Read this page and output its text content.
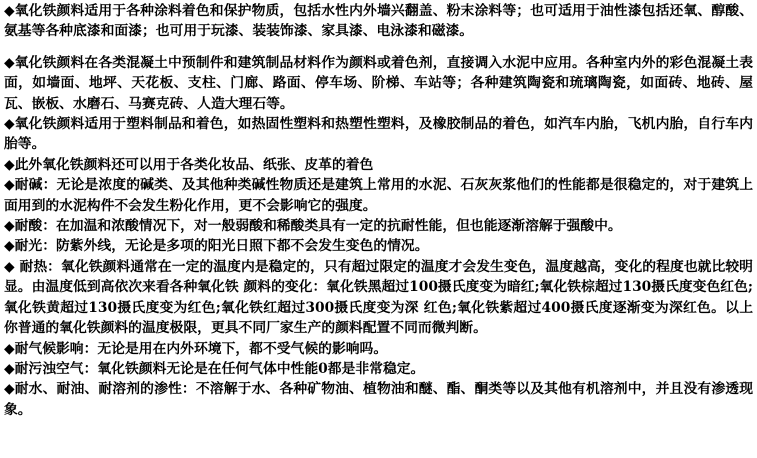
◆氧化铁颜料适用于各种涂料着色和保护物质，包括水性内外墙兴翻盖、粉末涂料等；也可适用于油性漆包括还氧、醇酸、氨基等各种底漆和面漆；也可用于玩漆、装装饰漆、家具漆、电泳漆和磁漆。

◆氧化铁颜料在各类混凝土中预制件和建筑制品材料作为颜料或着色剂，直接调入水泥中应用。各种室内外的彩色混凝土表面，如墙面、地坪、天花板、支柱、门廊、路面、停车场、阶梯、车站等；各种建筑陶瓷和琉璃陶瓷，如面砖、地砖、屋瓦、嵌板、水磨石、马赛克砖、人造大理石等。

◆氧化铁颜料适用于塑料制品和着色，如热固性塑料和热塑性塑料，及橡胶制品的着色，如汽车内胎，飞机内胎，自行车内胎等。

◆此外氧化铁颜料还可以用于各类化妆品、纸张、皮革的着色

◆耐碱：无论是浓度的碱类、及其他种类碱性物质还是建筑上常用的水泥、石灰灰浆他们的性能都是很稳定的，对于建筑上面用到的水泥构件不会发生粉化作用，更不会影响它的强度。

◆耐酸：在加温和浓酸情况下，对一般弱酸和稀酸类具有一定的抗耐性能，但也能逐渐溶解于强酸中。

◆耐光：防紫外线，无论是多项的阳光日照下都不会发生变色的情况。

◆ 耐热：氧化铁颜料通常在一定的温度内是稳定的，只有超过限定的温度才会发生变色，温度越高，变化的程度也就比较明显。由温度低到高依次来看各种氧化铁 颜料的变化：氧化铁黑超过100摄氏度变为暗红;氧化铁棕超过130摄氏度变色红色;氧化铁黄超过130摄氏度变为红色;氧化铁红超过300摄氏度变为深 红色;氧化铁紫超过400摄氏度逐渐变为深红色。以上你普通的氧化铁颜料的温度极限，更具不同厂家生产的颜料配置不同而微判断。

◆耐气候影响：无论是用在内外环境下，都不受气候的影响吗。

◆耐污浊空气：氧化铁颜料无论是在任何气体中性能0都是非常稳定。

◆耐水、耐油、耐溶剂的渗性：不溶解于水、各种矿物油、植物油和醚、酯、酮类等以及其他有机溶剂中，并且没有渗透现象。
